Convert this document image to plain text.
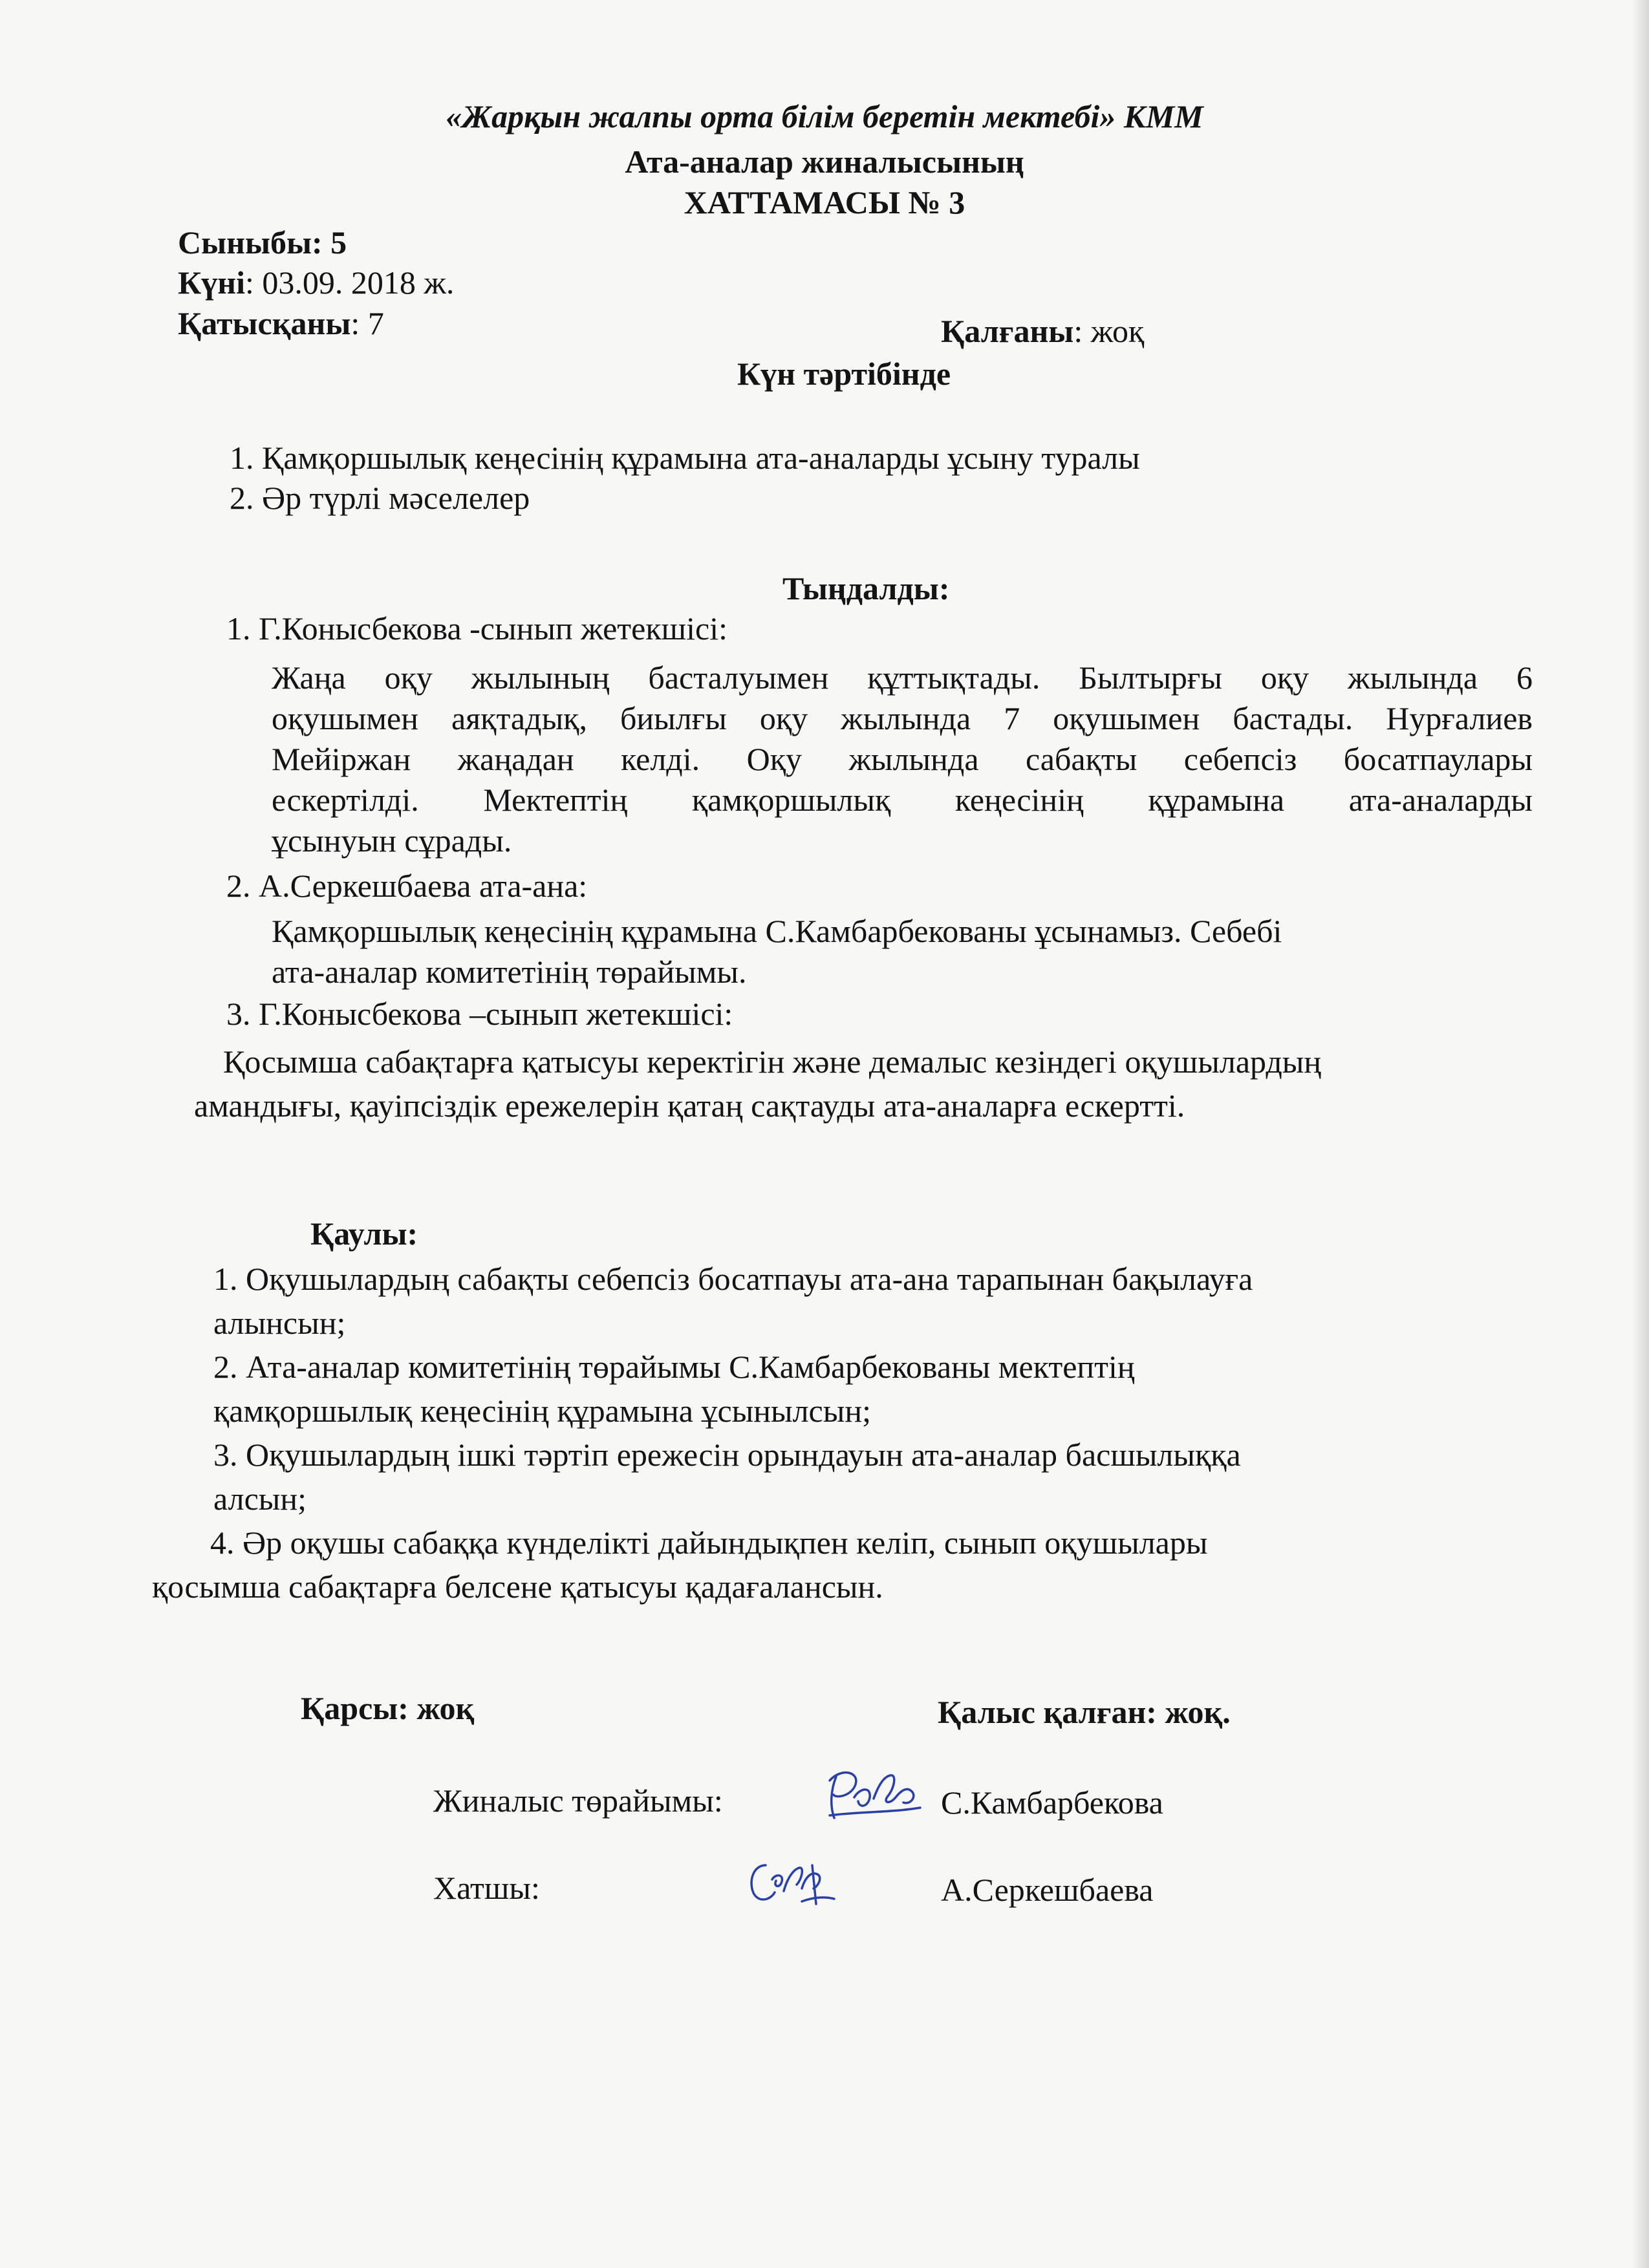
«Жарқын жалпы орта білім беретін мектебі» КММ

Ата-аналар жиналысының

ХАТТАМАСЫ № 3

Сыныбы: 5

Күні: 03.09. 2018 ж.

Қатысқаны: 7	Қалғаны: жоқ

Күн тәртібінде

1. Қамқоршылық кеңесінің құрамына ата-аналарды ұсыну туралы

2. Әр түрлі мәселелер

Тыңдалды:

1. Г.Конысбекова -сынып жетекшісі:

Жаңа оқу жылының басталуымен құттықтады. Былтырғы оқу жылында 6

оқушымен аяқтадық, биылғы оқу жылында 7 оқушымен бастады. Нурғалиев

Мейiржан жаңадан келді. Оқу жылында сабақты себепсіз босатпаулары

ескертілді. Мектептің қамқоршылық кеңесінің құрамына ата-аналарды

ұсынуын сұрады.

2. А.Серкешбаева ата-ана:

Қамқоршылық кеңесінің құрамына С.Камбарбекованы ұсынамыз. Себебі

ата-аналар комитетінің төрайымы.

3. Г.Конысбекова –сынып жетекшісі:

Қосымша сабақтарға қатысуы керектігін және демалыс кезіндегі оқушылардың

амандығы, қауіпсіздік ережелерін қатаң сақтауды ата-аналарға ескертті.

Қаулы:

1. Оқушылардың сабақты себепсіз босатпауы ата-ана тарапынан бақылауға

алынсын;

2. Ата-аналар комитетінің төрайымы С.Камбарбекованы мектептің

қамқоршылық кеңесінің құрамына ұсынылсын;

3. Оқушылардың ішкі тәртіп ережесін орындауын ата-аналар басшылыққа

алсын;

4. Әр оқушы сабаққа күнделікті дайындықпен келіп, сынып оқушылары

қосымша сабақтарға белсене қатысуы қадағалансын.

Қарсы: жоқ	Қалыс қалған: жоқ.

Жиналыс төрайымы:	С.Камбарбекова

Хатшы:	А.Серкешбаева
